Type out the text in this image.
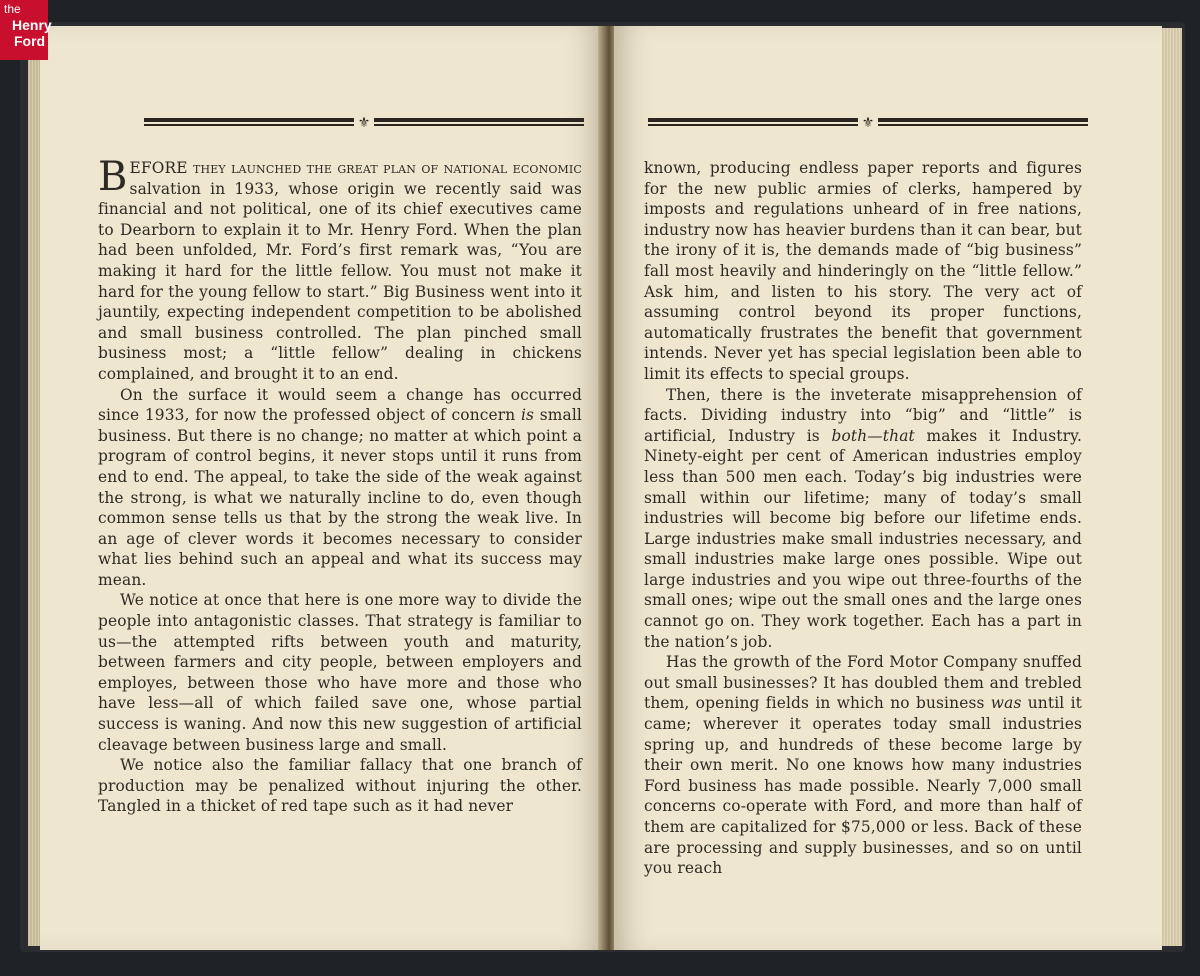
⚜

BEFORE they launched the great plan of national economic salvation in 1933, whose origin we recently said was financial and not political, one of its chief executives came to Dearborn to explain it to Mr. Henry Ford. When the plan had been unfolded, Mr. Ford’s first remark was, “You are making it hard for the little fellow. You must not make it hard for the young fellow to start.” Big Business went into it jauntily, expecting independent competition to be abolished and small business controlled. The plan pinched small business most; a “little fellow” dealing in chickens complained, and brought it to an end.

On the surface it would seem a change has occurred since 1933, for now the professed object of concern is small business. But there is no change; no matter at which point a program of control begins, it never stops until it runs from end to end. The appeal, to take the side of the weak against the strong, is what we naturally incline to do, even though common sense tells us that by the strong the weak live. In an age of clever words it becomes necessary to consider what lies behind such an appeal and what its success may mean.

We notice at once that here is one more way to divide the people into antagonistic classes. That strategy is familiar to us—the attempted rifts between youth and maturity, between farmers and city people, between employers and employes, between those who have more and those who have less—all of which failed save one, whose partial success is waning. And now this new suggestion of artificial cleavage between business large and small.

We notice also the familiar fallacy that one branch of production may be penalized without injuring the other. Tangled in a thicket of red tape such as it had never

⚜

known, producing endless paper reports and figures for the new public armies of clerks, hampered by imposts and regulations unheard of in free nations, industry now has heavier burdens than it can bear, but the irony of it is, the demands made of “big business” fall most heavily and hinderingly on the “little fellow.” Ask him, and listen to his story. The very act of assuming control beyond its proper functions, automatically frustrates the benefit that government intends. Never yet has special legislation been able to limit its effects to special groups.

Then, there is the inveterate misapprehension of facts. Dividing industry into “big” and “little” is artificial, Industry is both—that makes it Industry. Ninety-eight per cent of American industries employ less than 500 men each. Today’s big industries were small within our lifetime; many of today’s small industries will become big before our lifetime ends. Large industries make small industries necessary, and small industries make large ones possible. Wipe out large industries and you wipe out three-fourths of the small ones; wipe out the small ones and the large ones cannot go on. They work together. Each has a part in the nation’s job.

Has the growth of the Ford Motor Company snuffed out small businesses? It has doubled them and trebled them, opening fields in which no business was until it came; wherever it operates today small industries spring up, and hundreds of these become large by their own merit. No one knows how many industries Ford business has made possible. Nearly 7,000 small concerns co-operate with Ford, and more than half of them are capitalized for $75,000 or less. Back of these are processing and supply businesses, and so on until you reach

the
Henry
Ford
